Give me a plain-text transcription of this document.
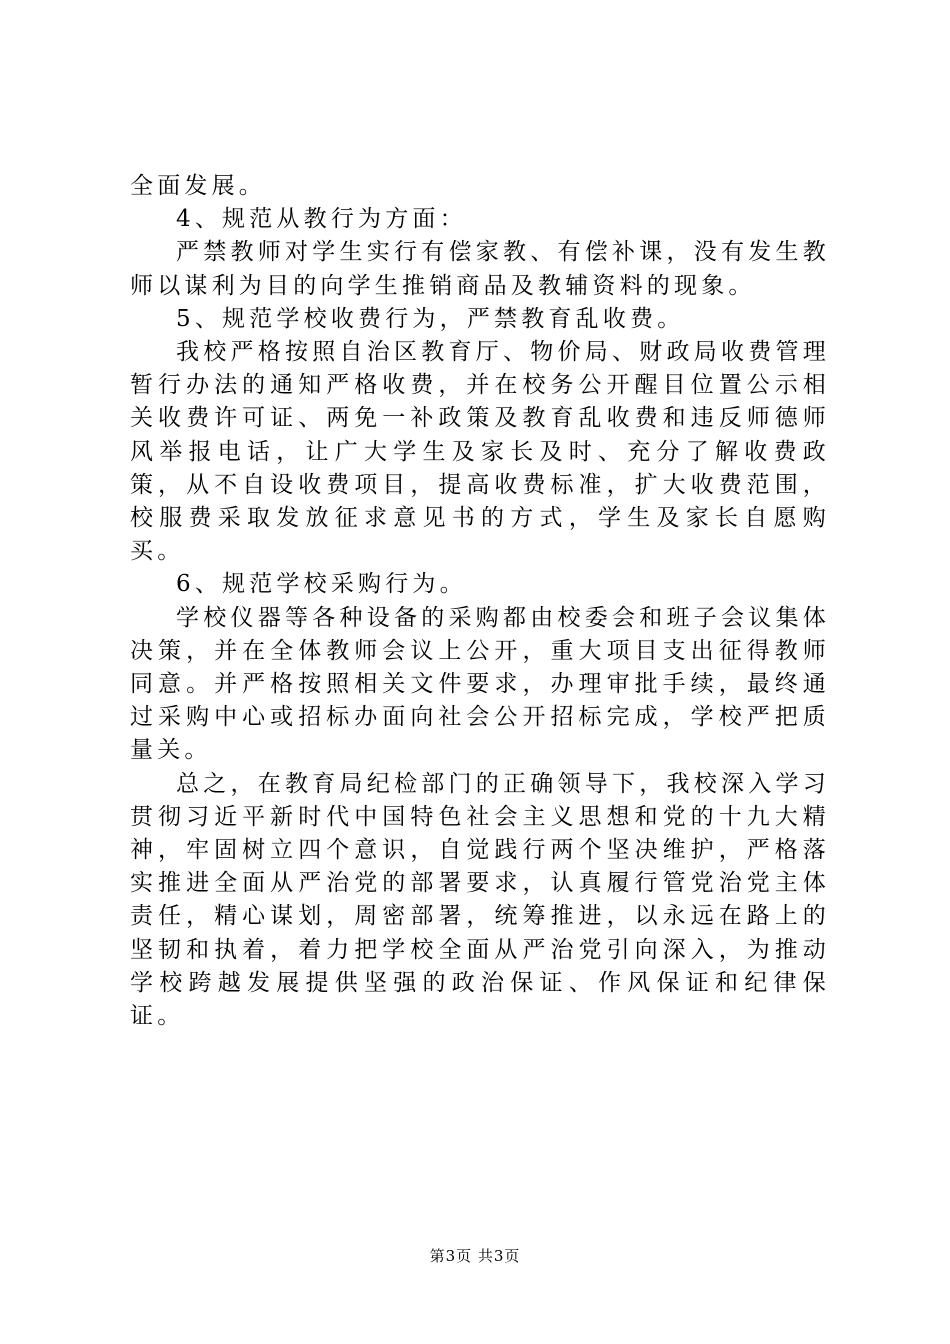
全面发展。

4、规范从教行为方面：

严禁教师对学生实行有偿家教、有偿补课，没有发生教师以谋利为目的向学生推销商品及教辅资料的现象。

5、规范学校收费行为，严禁教育乱收费。

我校严格按照自治区教育厅、物价局、财政局收费管理暂行办法的通知严格收费，并在校务公开醒目位置公示相关收费许可证、两免一补政策及教育乱收费和违反师德师风举报电话，让广大学生及家长及时、充分了解收费政策，从不自设收费项目，提高收费标准，扩大收费范围，校服费采取发放征求意见书的方式，学生及家长自愿购买。

6、规范学校采购行为。

学校仪器等各种设备的采购都由校委会和班子会议集体决策，并在全体教师会议上公开，重大项目支出征得教师同意。并严格按照相关文件要求，办理审批手续，最终通过采购中心或招标办面向社会公开招标完成，学校严把质量关。

总之，在教育局纪检部门的正确领导下，我校深入学习贯彻习近平新时代中国特色社会主义思想和党的十九大精神，牢固树立四个意识，自觉践行两个坚决维护，严格落实推进全面从严治党的部署要求，认真履行管党治党主体责任，精心谋划，周密部署，统筹推进，以永远在路上的坚韧和执着，着力把学校全面从严治党引向深入，为推动学校跨越发展提供坚强的政治保证、作风保证和纪律保证。

第3页 共3页
